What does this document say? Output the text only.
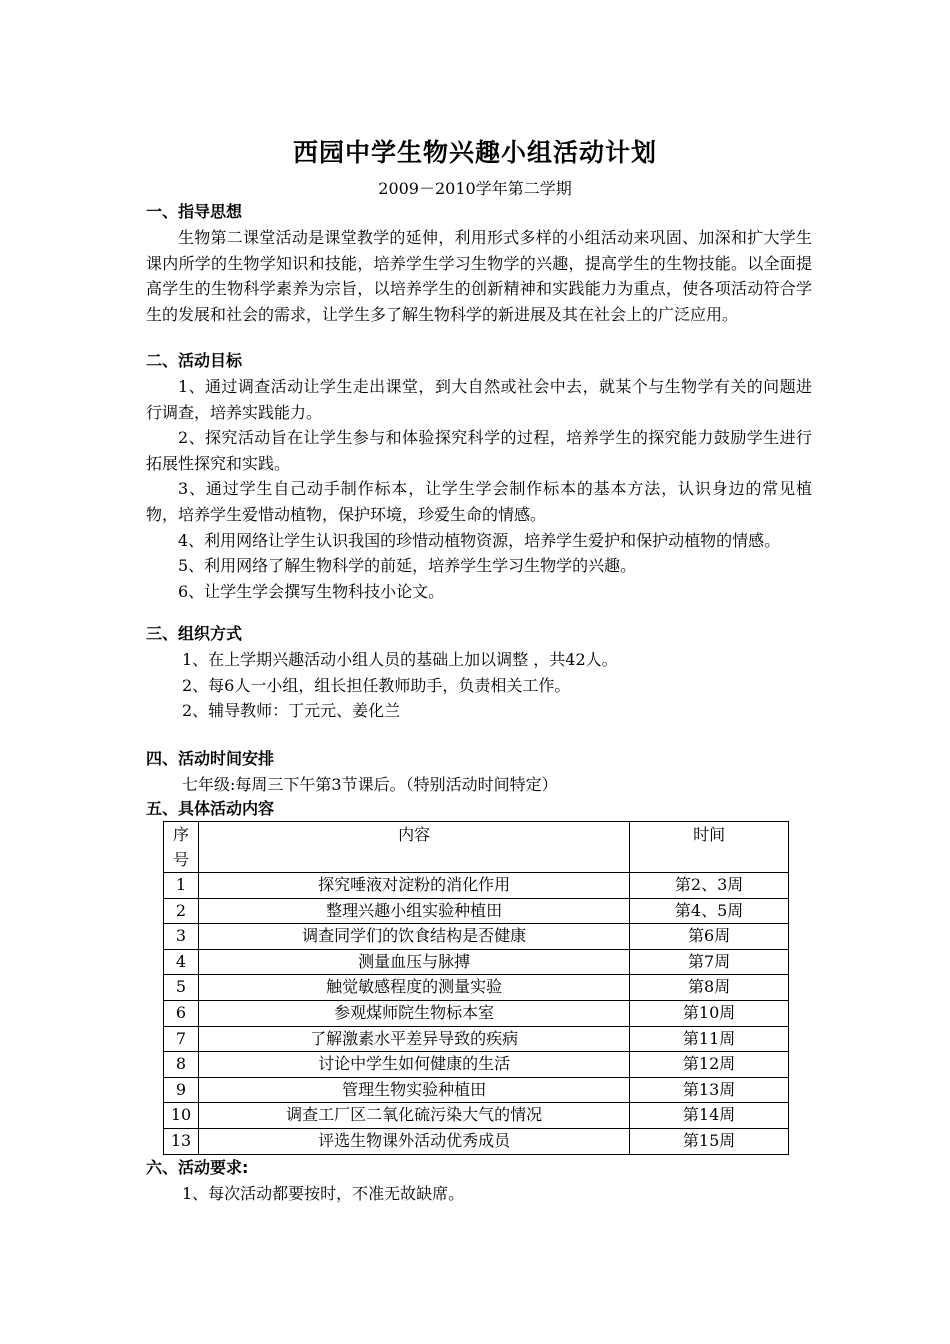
西园中学生物兴趣小组活动计划
2009－2010学年第二学期
一、指导思想

生物第二课堂活动是课堂教学的延伸，利用形式多样的小组活动来巩固、加深和扩大学生课内所学的生物学知识和技能，培养学生学习生物学的兴趣，提高学生的生物技能。以全面提高学生的生物科学素养为宗旨，以培养学生的创新精神和实践能力为重点，使各项活动符合学生的发展和社会的需求，让学生多了解生物科学的新进展及其在社会上的广泛应用。

二、活动目标

1、通过调查活动让学生走出课堂，到大自然或社会中去，就某个与生物学有关的问题进行调查，培养实践能力。

2、探究活动旨在让学生参与和体验探究科学的过程，培养学生的探究能力鼓励学生进行拓展性探究和实践。

3、通过学生自己动手制作标本，让学生学会制作标本的基本方法，认识身边的常见植物，培养学生爱惜动植物，保护环境，珍爱生命的情感。

4、利用网络让学生认识我国的珍惜动植物资源，培养学生爱护和保护动植物的情感。

5、利用网络了解生物科学的前延，培养学生学习生物学的兴趣。

6、让学生学会撰写生物科技小论文。

三、组织方式
1、在上学期兴趣活动小组人员的基础上加以调整 ，共42人。
2、每6人一小组，组长担任教师助手，负责相关工作。
2、辅导教师：丁元元、姜化兰
四、活动时间安排
七年级:每周三下午第3节课后。（特别活动时间特定）
五、具体活动内容
序号	内容	时间
1	探究唾液对淀粉的消化作用	第2、3周
2	整理兴趣小组实验种植田	第4、5周
3	调查同学们的饮食结构是否健康	第6周
4	测量血压与脉搏	第7周
5	触觉敏感程度的测量实验	第8周
6	参观煤师院生物标本室	第10周
7	了解激素水平差异导致的疾病	第11周
8	讨论中学生如何健康的生活	第12周
9	管理生物实验种植田	第13周
10	调查工厂区二氧化硫污染大气的情况	第14周
13	评选生物课外活动优秀成员	第15周
六、活动要求:
1、每次活动都要按时，不准无故缺席。
